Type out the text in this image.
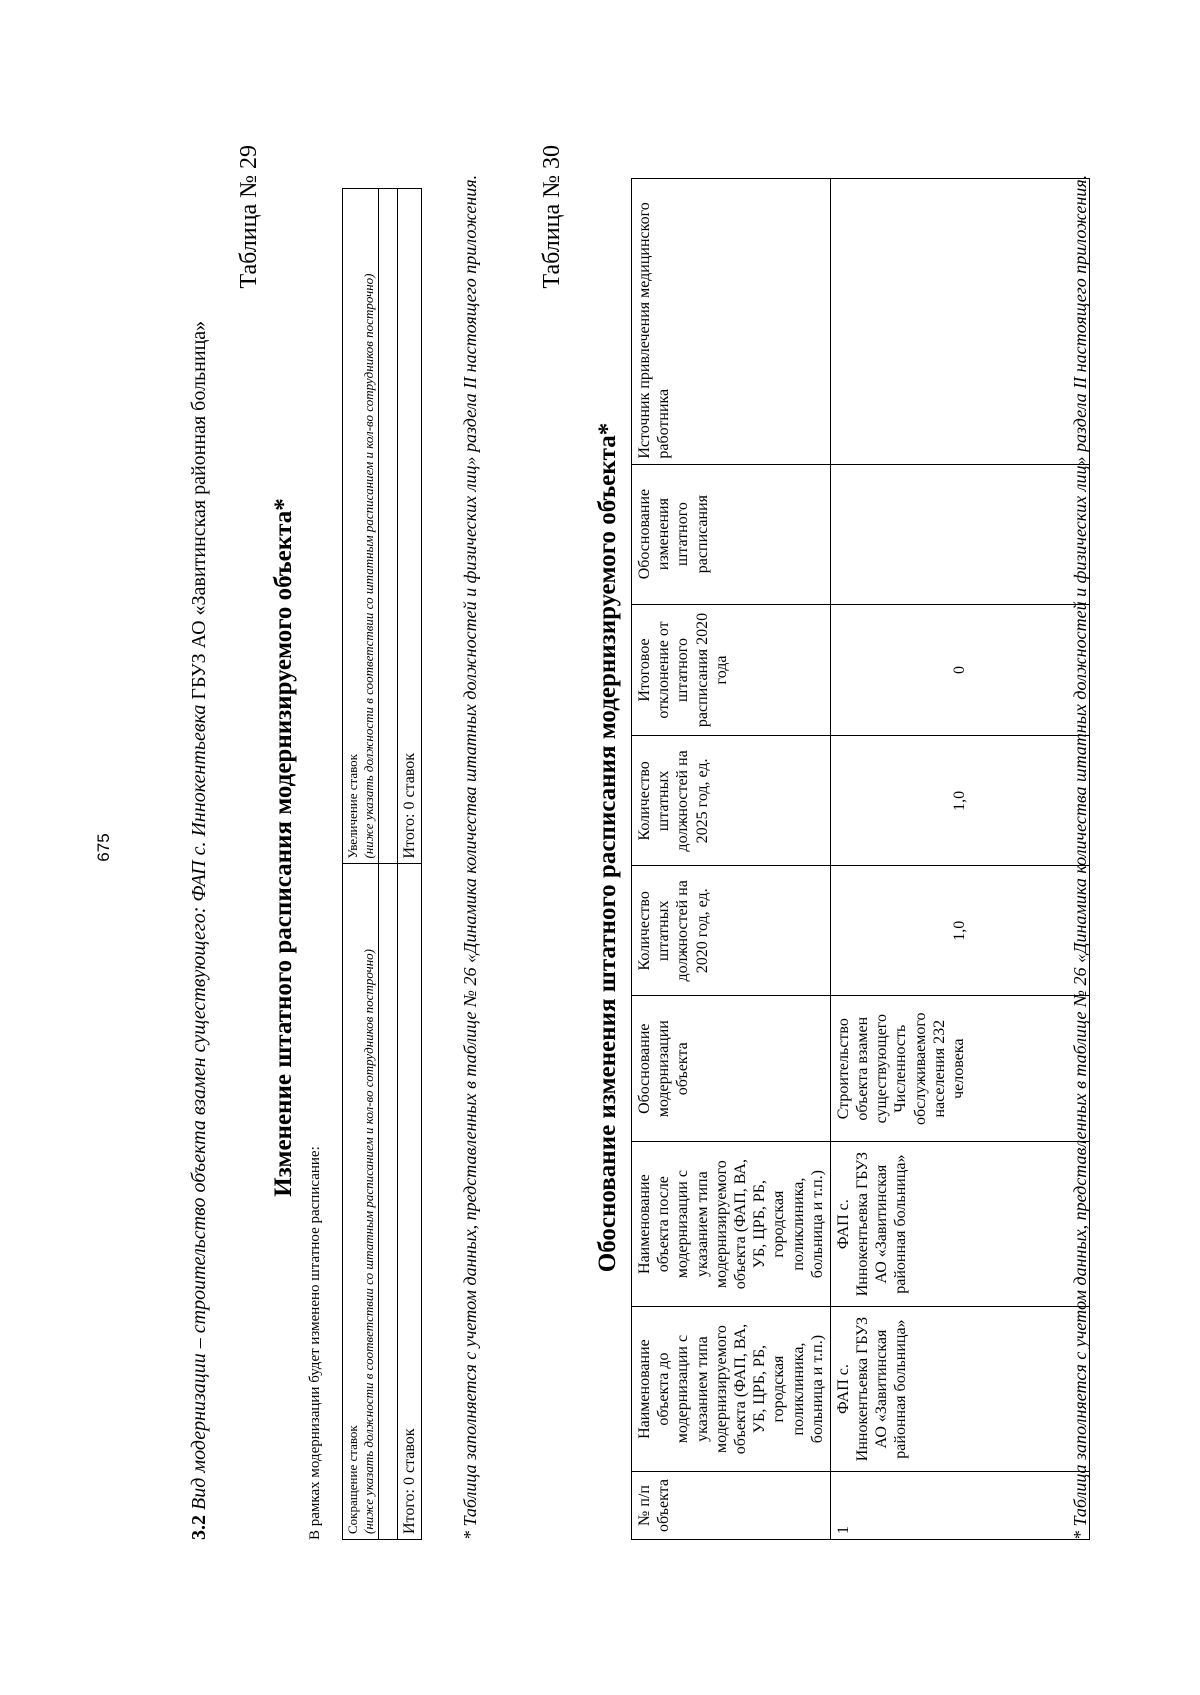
675
3.2 Вид модернизации – строительство объекта взамен существующего: ФАП с. Иннокентьевка ГБУЗ АО «Завитинская районная больница»
Таблица № 29
Изменение штатного расписания модернизируемого объекта*
В рамках модернизации будет изменено штатное расписание: Сокращение ставок (ниже указать должности в соответствии со штатным расписанием и кол-во сотрудников построчно)	Увеличение ставок (ниже указать должности в соответствии со штатным расписанием и кол-во сотрудников построчно)

Итого: 0 ставок	Итого: 0 ставок * Таблица заполняется с учетом данных, представленных в таблице № 26 «Динамика количества штатных должностей и физических лиц» раздела II настоящего приложения. Таблица № 30
Обоснование изменения штатного расписания модернизируемого объекта*
№ п/п объекта	Наименование объекта до модернизации с указанием типа модернизируемого объекта (ФАП, ВА, УБ, ЦРБ, РБ, городская поликлиника, больница и т.п.)	Наименование объекта после модернизации с указанием типа модернизируемого объекта (ФАП, ВА, УБ, ЦРБ, РБ, городская поликлиника, больница и т.п.)	Обоснование модернизации объекта	Количество штатных должностей на 2020 год, ед.	Количество штатных должностей на 2025 год, ед.	Итоговое отклонение от штатного расписания 2020 года	Обоснование изменения штатного расписания	Источник привлечения медицинского работника
1	ФАП с. Иннокентьевка ГБУЗ АО «Завитинская районная больница»	ФАП с. Иннокентьевка ГБУЗ АО «Завитинская районная больница»	Строительство объекта взамен существующего Численность обслуживаемого населения 232 человека	1,0	1,0	0			* Таблица заполняется с учетом данных, представленных в таблице № 26 «Динамика количества штатных должностей и физических лиц» раздела II настоящего приложения.
